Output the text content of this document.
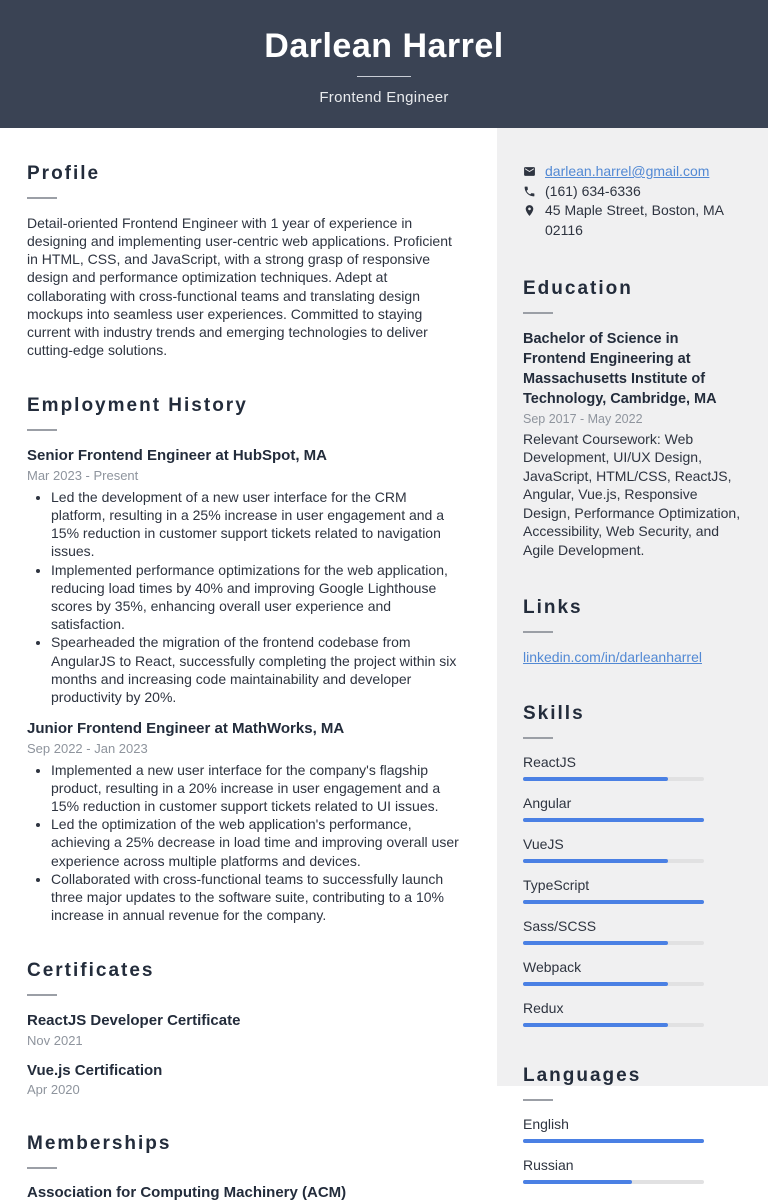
Darlean Harrel
Frontend Engineer
Profile
Detail-oriented Frontend Engineer with 1 year of experience in designing and implementing user-centric web applications. Proficient in HTML, CSS, and JavaScript, with a strong grasp of responsive design and performance optimization techniques. Adept at collaborating with cross-functional teams and translating design mockups into seamless user experiences. Committed to staying current with industry trends and emerging technologies to deliver cutting-edge solutions.
Employment History
Senior Frontend Engineer at HubSpot, MA
Mar 2023 - Present
• Led the development of a new user interface for the CRM platform, resulting in a 25% increase in user engagement and a 15% reduction in customer support tickets related to navigation issues.
• Implemented performance optimizations for the web application, reducing load times by 40% and improving Google Lighthouse scores by 35%, enhancing overall user experience and satisfaction.
• Spearheaded the migration of the frontend codebase from AngularJS to React, successfully completing the project within six months and increasing code maintainability and developer productivity by 20%.
Junior Frontend Engineer at MathWorks, MA
Sep 2022 - Jan 2023
• Implemented a new user interface for the company's flagship product, resulting in a 20% increase in user engagement and a 15% reduction in customer support tickets related to UI issues.
• Led the optimization of the web application's performance, achieving a 25% decrease in load time and improving overall user experience across multiple platforms and devices.
• Collaborated with cross-functional teams to successfully launch three major updates to the software suite, contributing to a 10% increase in annual revenue for the company.
Certificates
ReactJS Developer Certificate
Nov 2021
Vue.js Certification
Apr 2020
Memberships
Association for Computing Machinery (ACM)
darlean.harrel@gmail.com
(161) 634-6336
45 Maple Street, Boston, MA 02116
Education
Bachelor of Science in Frontend Engineering at Massachusetts Institute of Technology, Cambridge, MA
Sep 2017 - May 2022
Relevant Coursework: Web Development, UI/UX Design, JavaScript, HTML/CSS, ReactJS, Angular, Vue.js, Responsive Design, Performance Optimization, Accessibility, Web Security, and Agile Development.
Links
linkedin.com/in/darleanharrel
Skills
ReactJS
Angular
VueJS
TypeScript
Sass/SCSS
Webpack
Redux
Languages
English
Russian
